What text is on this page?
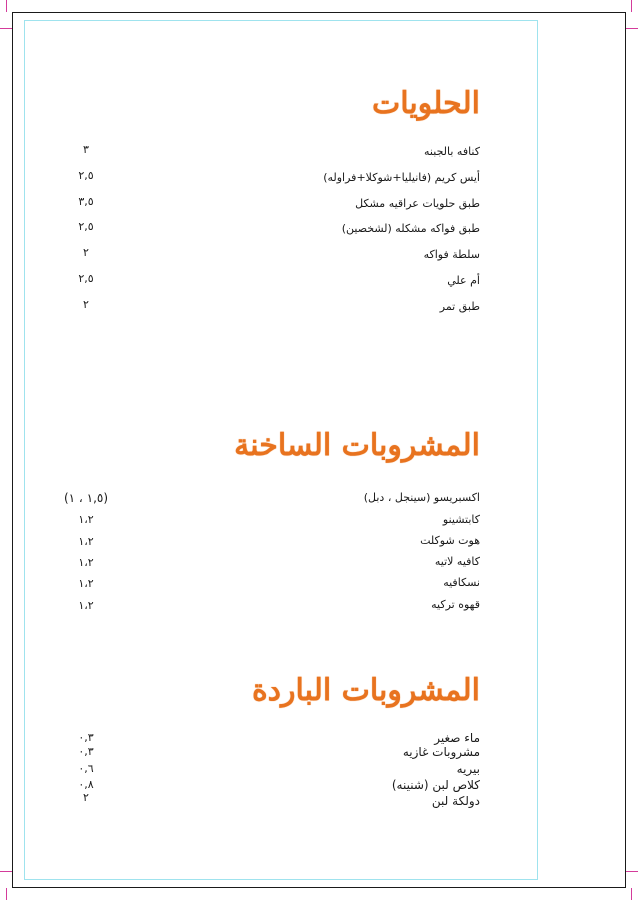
الحلويات
كنافه بالجبنه
٣
أيس كريم (فانيليا+شوكلا+فراوله)
٢,٥
طبق حلويات عراقيه مشكل
٣,٥
طبق فواكه مشكله (لشخصين)
٢,٥
سلطة فواكه
٢
أم علي
٢,٥
طبق تمر
٢
المشروبات الساخنة
اكسبريسو (سينجل ، دبل)
(١,٥ ، ١)
كابتشينو
١،٢
هوت شوكلت
١،٢
كافيه لاتيه
١،٢
نسكافيه
١،٢
قهوه تركيه
١،٢
المشروبات الباردة
ماء صغير
٠,٣
مشروبات غازيه
٠,٣
بيريه
٠,٦
كلاص لبن (شنينه)
٠,٨
دولكة لبن
٢
